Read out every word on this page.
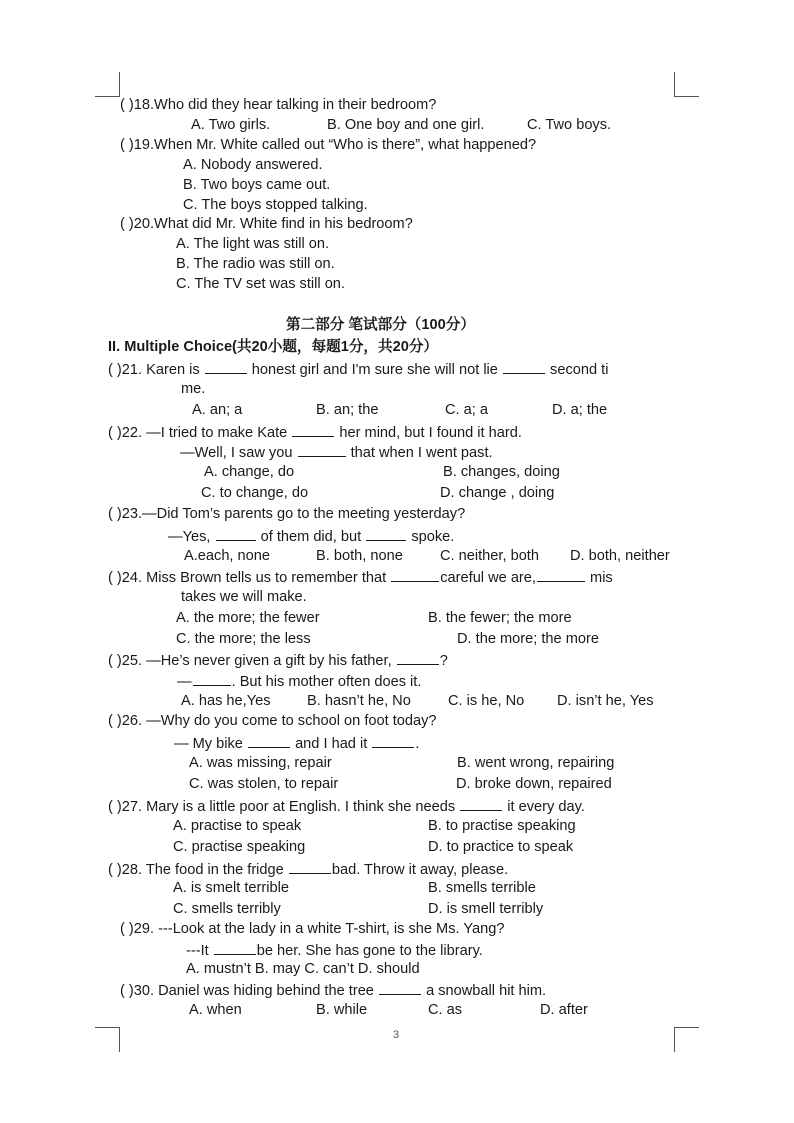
( )18.Who did they hear talking in their bedroom?
A. Two girls.	B. One boy and one girl.	C. Two boys.
( )19.When Mr. White called out “Who is there”, what happened?
A. Nobody answered.
B. Two boys came out.
C. The boys stopped talking.
( )20.What did Mr. White find in his bedroom?
A. The light was still on.
B. The radio was still on.
C. The TV set was still on.
第二部分 笔试部分（100分）
II. Multiple Choice(共20小题，每题1分，共20分）
( )21. Karen is	honest girl and I'm sure she will not lie	second ti
me.
A. an; a	B. an; the	C. a; a	D. a; the
( )22. —I tried to make Kate	her mind, but I found it hard.
—Well, I saw you	that when I went past.
A. change, do	B. changes, doing
C. to change, do	D. change , doing
( )23.—Did Tom’s parents go to the meeting yesterday?
—Yes,	of them did, but	spoke.
A.each, none	B. both, none	C. neither, both D. both, neither
( )24. Miss Brown tells us to remember that	careful we are,	mis
takes we will make.
A. the more; the fewer	B. the fewer; the more
C. the more; the less	D. the more; the more
( )25. —He’s never given a gift by his father,	?
—	. But his mother often does it.
A. has he,Yes B. hasn’t he, No	C. is he, No D. isn’t he, Yes
( )26. —Why do you come to school on foot today?
— My bike	and I had it	.
A. was missing, repair	B. went wrong, repairing
C. was stolen, to repair	D. broke down, repaired
( )27. Mary is a little poor at English. I think she needs	it every day.
A. practise to speak	B. to practise speaking
C. practise speaking	D. to practice to speak
( )28. The food in the fridge	bad. Throw it away, please.
A. is smelt terrible	B. smells terrible
C. smells terribly	D. is smell terribly
( )29. ---Look at the lady in a white T-shirt, is she Ms. Yang?
---It	be her. She has gone to the library.
A. mustn’t B. may C. can’t D. should
( )30. Daniel was hiding behind the tree	a snowball hit him.
A. when	B. while	C. as	D. after
3
